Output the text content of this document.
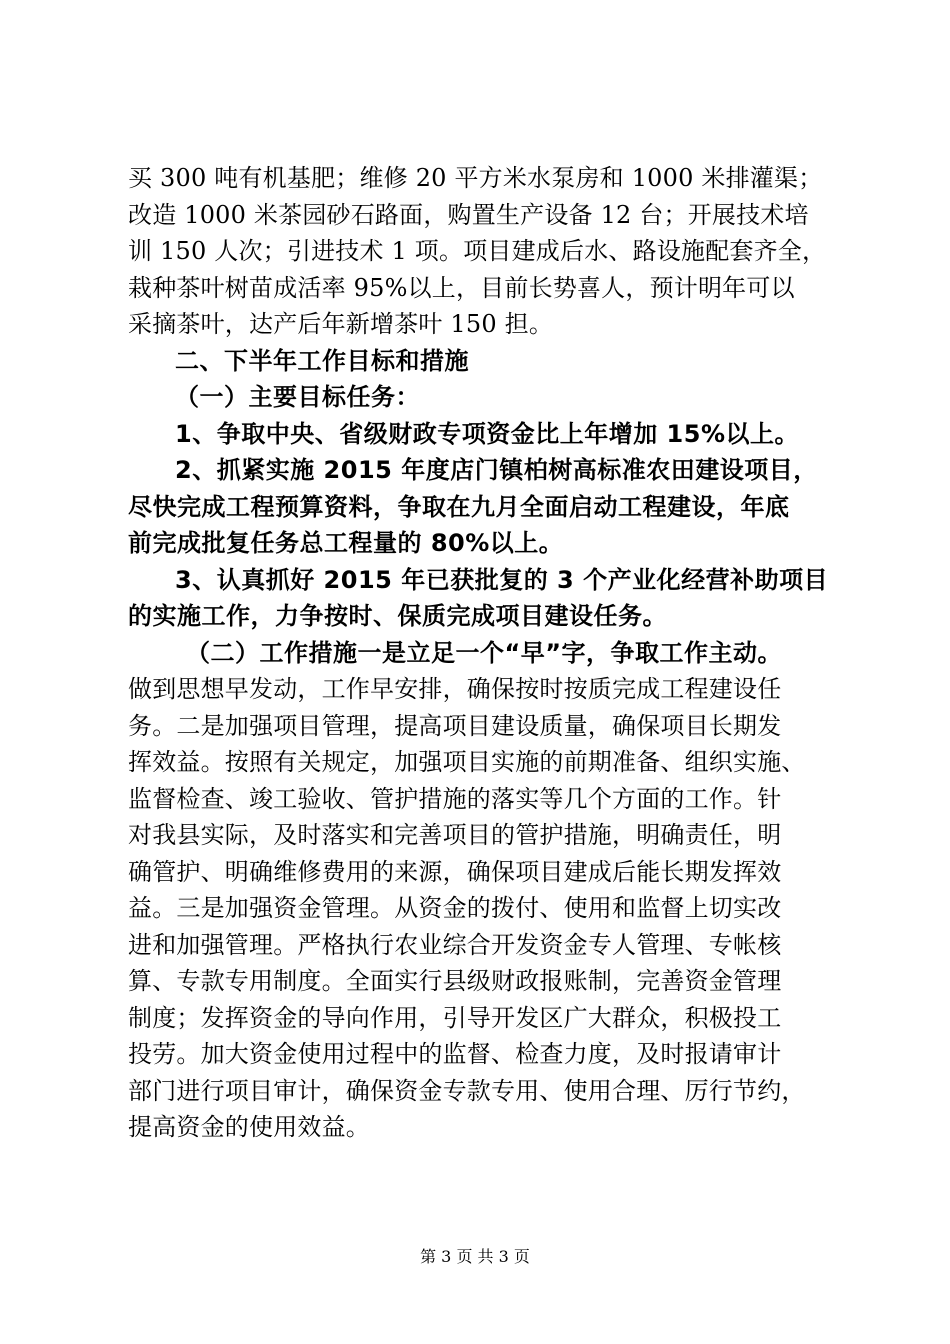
买 300 吨有机基肥；维修 20 平方米水泵房和 1000 米排灌渠；
改造 1000 米茶园砂石路面，购置生产设备 12 台；开展技术培
训 150 人次；引进技术 1 项。项目建成后水、路设施配套齐全，
栽种茶叶树苗成活率 95%以上，目前长势喜人，预计明年可以
采摘茶叶，达产后年新增茶叶 150 担。
二、下半年工作目标和措施
（一）主要目标任务：
1、争取中央、省级财政专项资金比上年增加 15%以上。
2、抓紧实施 2015 年度店门镇柏树高标准农田建设项目，
尽快完成工程预算资料，争取在九月全面启动工程建设，年底
前完成批复任务总工程量的 80%以上。
3、认真抓好 2015 年已获批复的 3 个产业化经营补助项目
的实施工作，力争按时、保质完成项目建设任务。
（二）工作措施一是立足一个“早”字，争取工作主动。
做到思想早发动，工作早安排，确保按时按质完成工程建设任
务。二是加强项目管理，提高项目建设质量，确保项目长期发
挥效益。按照有关规定，加强项目实施的前期准备、组织实施、
监督检查、竣工验收、管护措施的落实等几个方面的工作。针
对我县实际，及时落实和完善项目的管护措施，明确责任，明
确管护、明确维修费用的来源，确保项目建成后能长期发挥效
益。三是加强资金管理。从资金的拨付、使用和监督上切实改
进和加强管理。严格执行农业综合开发资金专人管理、专帐核
算、专款专用制度。全面实行县级财政报账制，完善资金管理
制度；发挥资金的导向作用，引导开发区广大群众，积极投工
投劳。加大资金使用过程中的监督、检查力度，及时报请审计
部门进行项目审计，确保资金专款专用、使用合理、厉行节约，
提高资金的使用效益。
第 3 页 共 3 页
